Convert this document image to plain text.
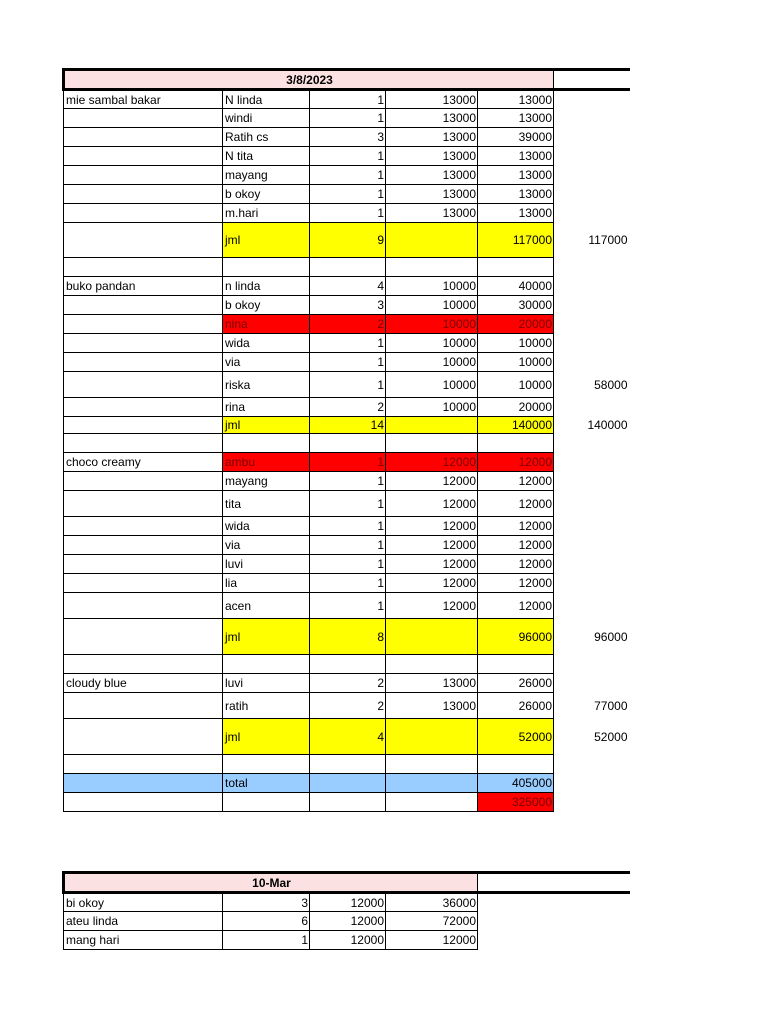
3/8/2023					
mie sambal bakar	N linda	1	13000	13000	
	windi	1	13000	13000	
	Ratih cs	3	13000	39000	
	N tita	1	13000	13000	
	mayang	1	13000	13000	
	b okoy	1	13000	13000	
	m.hari	1	13000	13000	
	jml	9		117000	117000

buko pandan	n linda	4	10000	40000	
	b okoy	3	10000	30000	
	nina	2	10000	20000	
	wida	1	10000	10000	
	via	1	10000	10000	
	riska	1	10000	10000	58000
	rina	2	10000	20000	
	jml	14		140000	140000

choco creamy	ambu	1	12000	12000	
	mayang	1	12000	12000	
	tita	1	12000	12000	
	wida	1	12000	12000	
	via	1	12000	12000	
	luvi	1	12000	12000	
	lia	1	12000	12000	
	acen	1	12000	12000	
	jml	8		96000	96000

cloudy blue	luvi	2	13000	26000	
	ratih	2	13000	26000	77000
	jml	4		52000	52000

	total			405000	
				325000	
10-Mar				
bi okoy	3	12000	36000	
ateu linda	6	12000	72000	
mang hari	1	12000	12000	
